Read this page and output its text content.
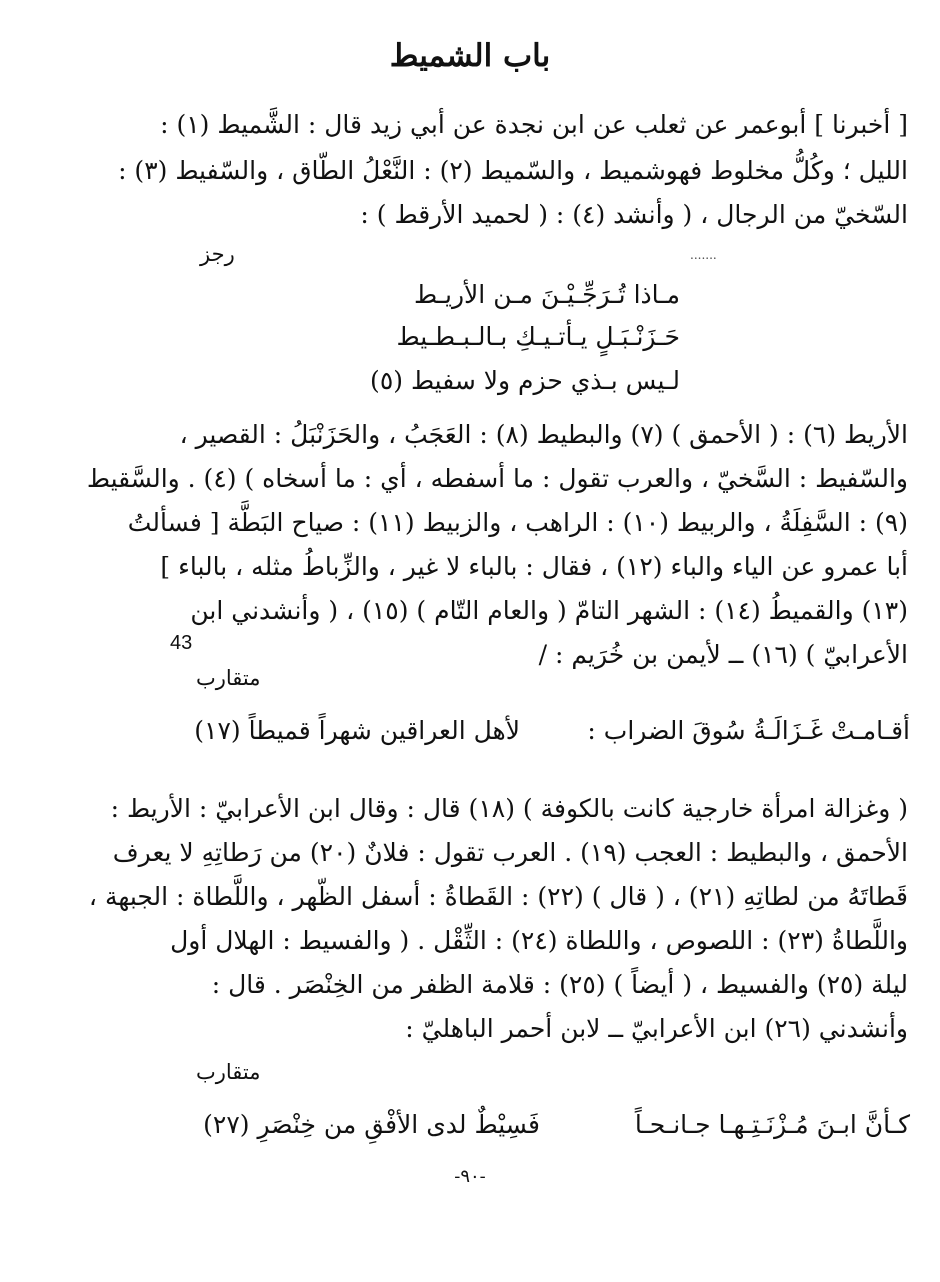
باب الشميط
.......
[ أخبرنا ] أبوعمر عن ثعلب عن ابن نجدة عن أبي زيد قال : الشَّميط (١) :
الليل ؛ وكُلُّ مخلوط فهوشميط ، والسّميط (٢) : النَّعْلُ الطّاق ، والسّفيط (٣) :
السّخيّ من الرجال ، ( وأنشد (٤) : ( لحميد الأرقط ) :
رجز
مـاذا تُـرَجِّـيْـنَ مـن الأريـط
حَـزَنْـبَـلٍ يـأتـيـكِ بـالـبـطـيط
لـيس بـذي حزم ولا سفيط (٥)
الأريط (٦) : ( الأحمق ) (٧) والبطيط (٨) : العَجَبُ ، والحَزَنْبَلُ : القصير ،
والسّفيط : السَّخيّ ، والعرب تقول : ما أسفطه ، أي : ما أسخاه ) (٤) . والسَّقيط
(٩) : السَّفِلَةُ ، والربيط (١٠) : الراهب ، والزبيط (١١) : صياح البَطَّة [ فسألتُ
أبا عمرو عن الياء والباء (١٢) ، فقال : بالباء لا غير ، والزِّباطُ مثله ، بالباء ]
(١٣) والقميطُ (١٤) : الشهر التامّ ( والعام التّام ) (١٥) ، ( وأنشدني ابن
الأعرابيّ ) (١٦) ــ لأيمن بن خُرَيم : /
43
متقارب
أقـامـتْ غَـزَالَـةُ سُوقَ الضراب :
لأهل العراقين شهراً قميطاً (١٧)
( وغزالة امرأة خارجية كانت بالكوفة ) (١٨) قال : وقال ابن الأعرابيّ : الأريط :
الأحمق ، والبطيط : العجب (١٩) . العرب تقول : فلانٌ (٢٠) من رَطاتِهِ لا يعرف
قَطاتَهُ من لطاتِهِ (٢١) ، ( قال ) (٢٢) : القَطاةُ : أسفل الظّهر ، واللَّطاة : الجبهة ،
واللَّطاةُ (٢٣) : اللصوص ، واللطاة (٢٤) : الثِّقْل . ( والفسيط : الهلال أول
ليلة (٢٥) والفسيط ، ( أيضاً ) (٢٥) : قلامة الظفر من الخِنْصَر . قال :
وأنشدني (٢٦) ابن الأعرابيّ ــ لابن أحمر الباهليّ :
متقارب
كـأنَّ ابـنَ مُـزْنَـتِـهـا جـانـحـاً
فَسِيْطٌ لدى الأفْقِ من خِنْصَرِ (٢٧)
-٩٠-
